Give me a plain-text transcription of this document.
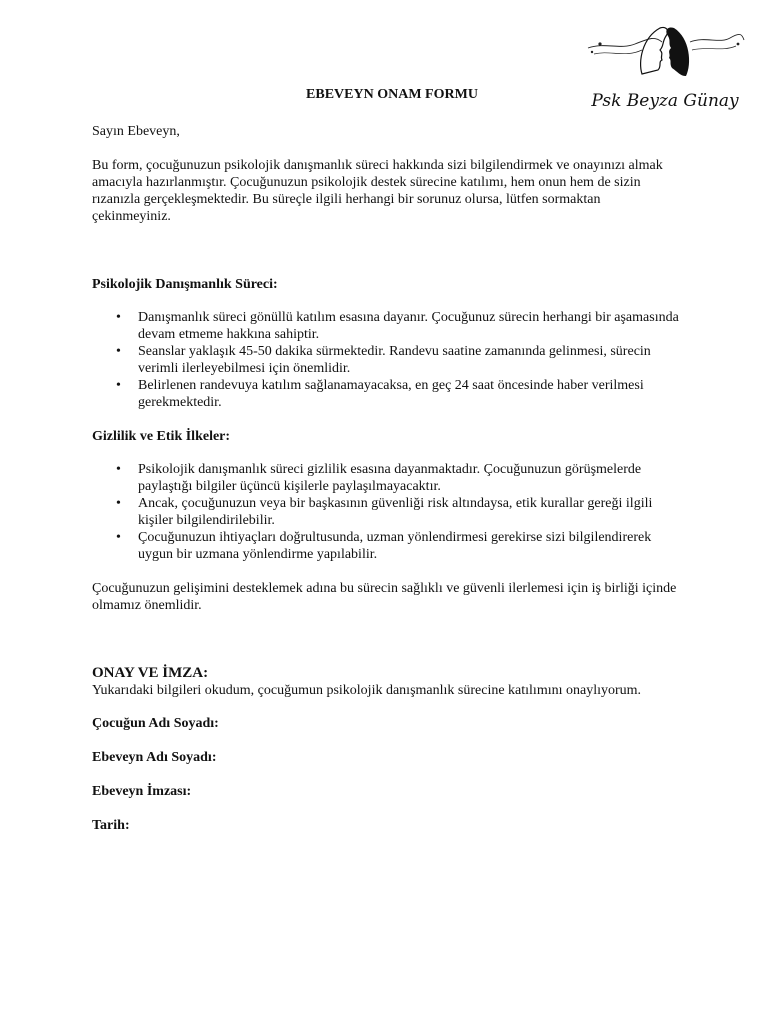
Psk Beyza Günay
EBEVEYN ONAM FORMU

Sayın Ebeveyn,

Bu form, çocuğunuzun psikolojik danışmanlık süreci hakkında sizi bilgilendirmek ve onayınızı almak amacıyla hazırlanmıştır. Çocuğunuzun psikolojik destek sürecine katılımı, hem onun hem de sizin rızanızla gerçekleşmektedir. Bu süreçle ilgili herhangi bir sorunuz olursa, lütfen sormaktan çekinmeyiniz.

Psikolojik Danışmanlık Süreci:
• Danışmanlık süreci gönüllü katılım esasına dayanır. Çocuğunuz sürecin herhangi bir aşamasında devam etmeme hakkına sahiptir.
• Seanslar yaklaşık 45-50 dakika sürmektedir. Randevu saatine zamanında gelinmesi, sürecin verimli ilerleyebilmesi için önemlidir.
• Belirlenen randevuya katılım sağlanamayacaksa, en geç 24 saat öncesinde haber verilmesi gerekmektedir.
Gizlilik ve Etik İlkeler:
• Psikolojik danışmanlık süreci gizlilik esasına dayanmaktadır. Çocuğunuzun görüşmelerde paylaştığı bilgiler üçüncü kişilerle paylaşılmayacaktır.
• Ancak, çocuğunuzun veya bir başkasının güvenliği risk altındaysa, etik kurallar gereği ilgili kişiler bilgilendirilebilir.
• Çocuğunuzun ihtiyaçları doğrultusunda, uzman yönlendirmesi gerekirse sizi bilgilendirerek uygun bir uzmana yönlendirme yapılabilir.

Çocuğunuzun gelişimini desteklemek adına bu sürecin sağlıklı ve güvenli ilerlemesi için iş birliği içinde olmamız önemlidir.

ONAY VE İMZA:

Yukarıdaki bilgileri okudum, çocuğumun psikolojik danışmanlık sürecine katılımını onaylıyorum.

Çocuğun Adı Soyadı:
Ebeveyn Adı Soyadı:
Ebeveyn İmzası:
Tarih:
